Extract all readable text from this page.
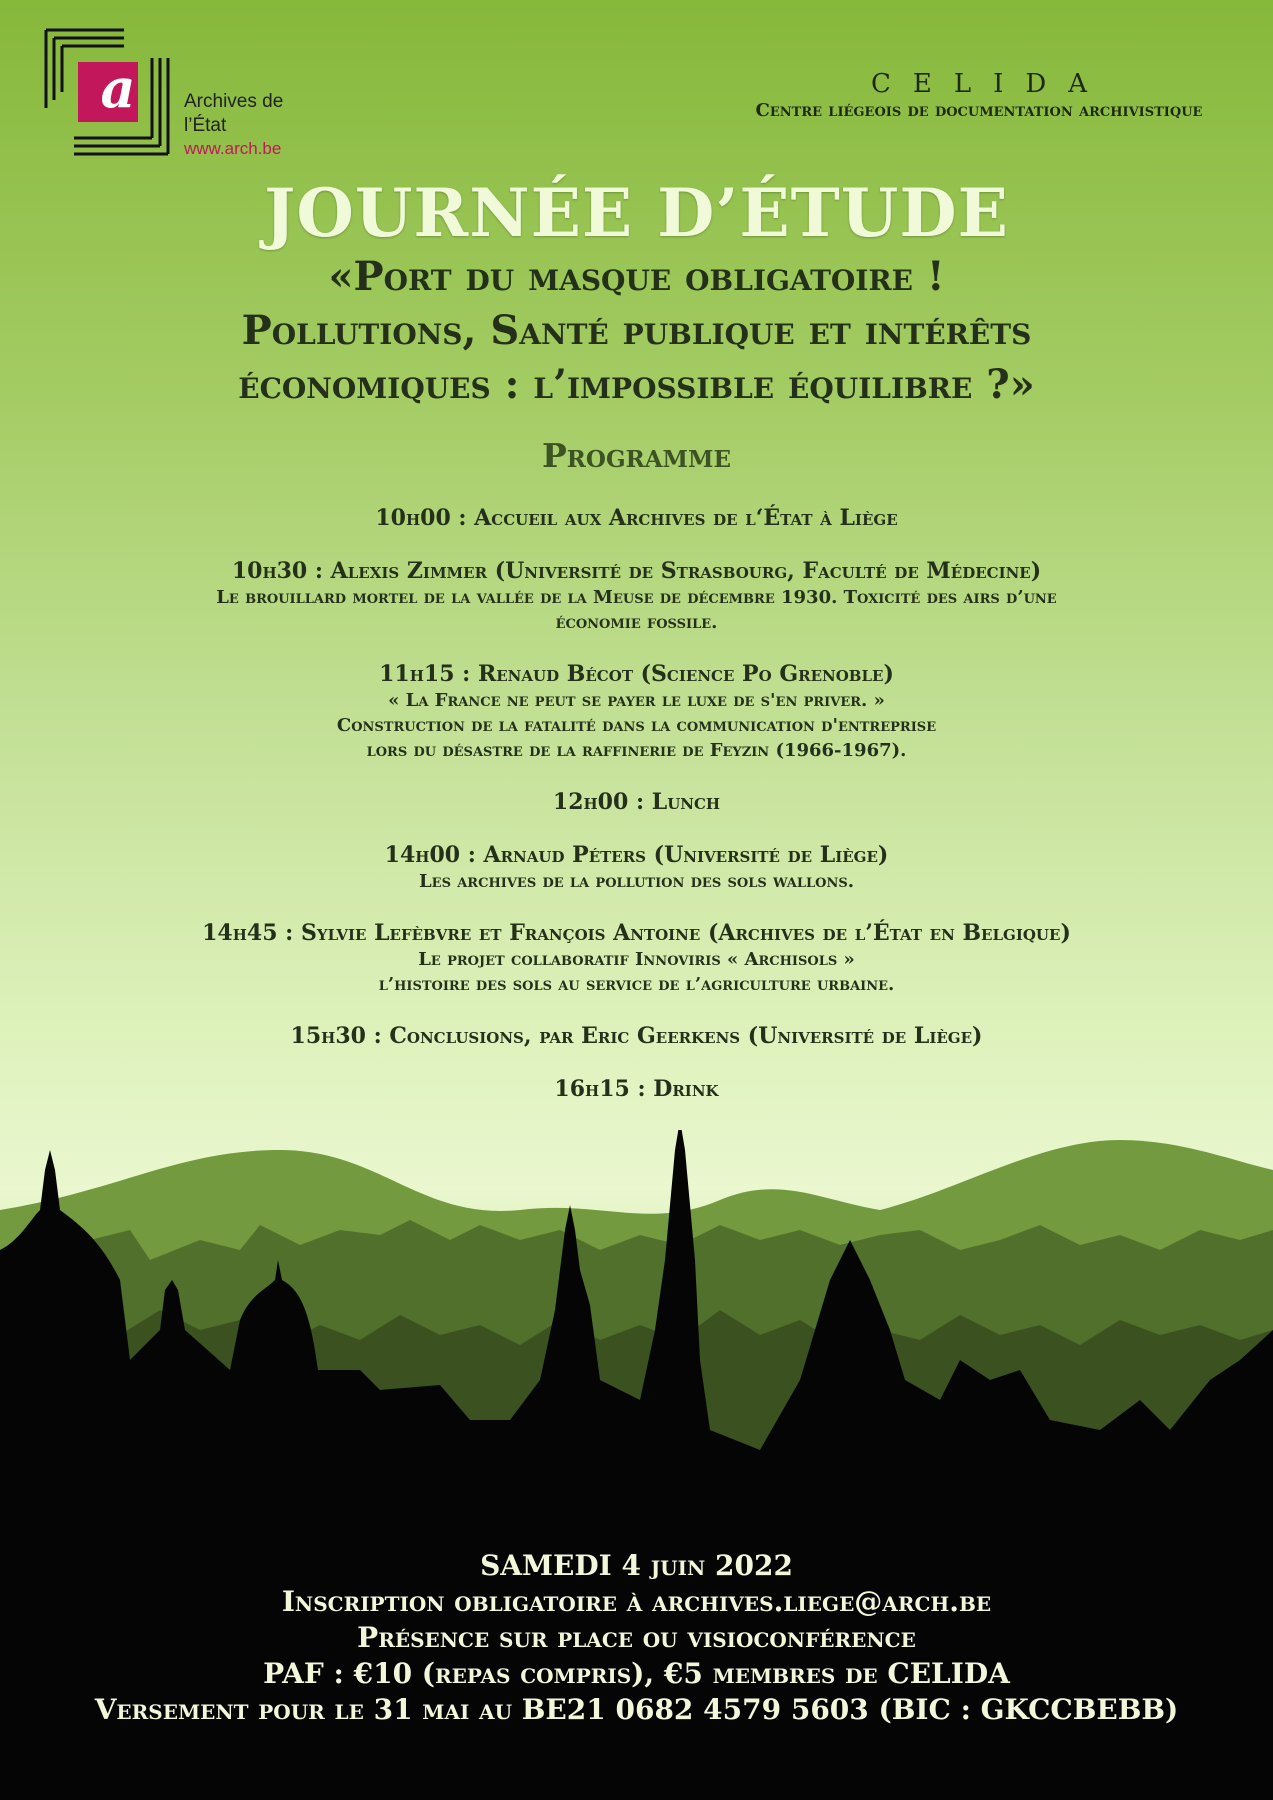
a	Archives de l’État
www.arch.be
CELIDA
Centre liégeois de documentation archivistique
JOURNÉE D’ÉTUDE
«Port du masque obligatoire !
Pollutions, Santé publique et intérêts
économiques : l’impossible équilibre ?»
Programme
10h00 : Accueil aux Archives de l‘État à Liège
10h30 : Alexis Zimmer (Université de Strasbourg, Faculté de Médecine)
Le brouillard mortel de la vallée de la Meuse de décembre 1930. Toxicité des airs d’une
économie fossile.
11h15 : Renaud Bécot (Science Po Grenoble)
« La France ne peut se payer le luxe de s'en priver. »
Construction de la fatalité dans la communication d'entreprise
lors du désastre de la raffinerie de Feyzin (1966-1967).
12h00 : Lunch
14h00 : Arnaud Péters (Université de Liège)
Les archives de la pollution des sols wallons.
14h45 : Sylvie Lefèbvre et François Antoine (Archives de l’État en Belgique)
Le projet collaboratif Innoviris « Archisols »
l’histoire des sols au service de l’agriculture urbaine.
15h30 : Conclusions, par Eric Geerkens (Université de Liège)
16h15 : Drink
SAMEDI 4 juin 2022
Inscription obligatoire à archives.liege@arch.be
Présence sur place ou visioconférence
PAF : €10 (repas compris), €5 membres de CELIDA
Versement pour le 31 mai au BE21 0682 4579 5603 (BIC : GKCCBEBB)
